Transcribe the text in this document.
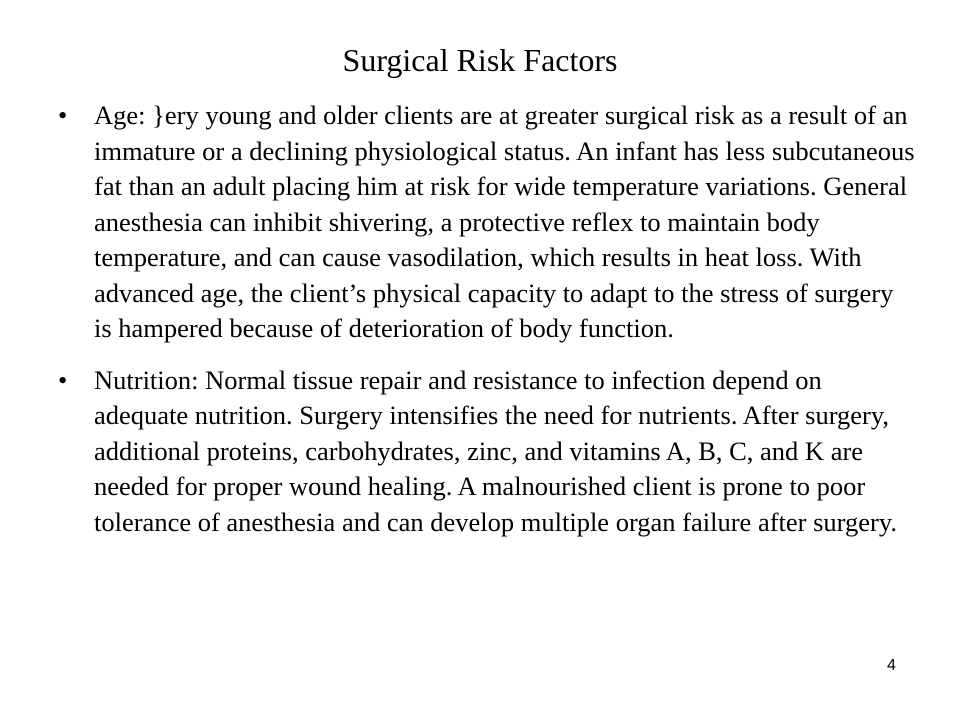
Surgical Risk Factors
• Age: }ery young and older clients are at greater surgical risk as a result of an immature or a declining physiological status. An infant has less subcutaneous fat than an adult placing him at risk for wide temperature variations. General anesthesia can inhibit shivering, a protective reflex to maintain body temperature, and can cause vasodilation, which results in heat loss. With advanced age, the client’s physical capacity to adapt to the stress of surgery is hampered because of deterioration of body function.
• Nutrition: Normal tissue repair and resistance to infection depend on adequate nutrition. Surgery intensifies the need for nutrients. After surgery, additional proteins, carbohydrates, zinc, and vitamins A, B, C, and K are needed for proper wound healing. A malnourished client is prone to poor tolerance of anesthesia and can develop multiple organ failure after surgery.
4
